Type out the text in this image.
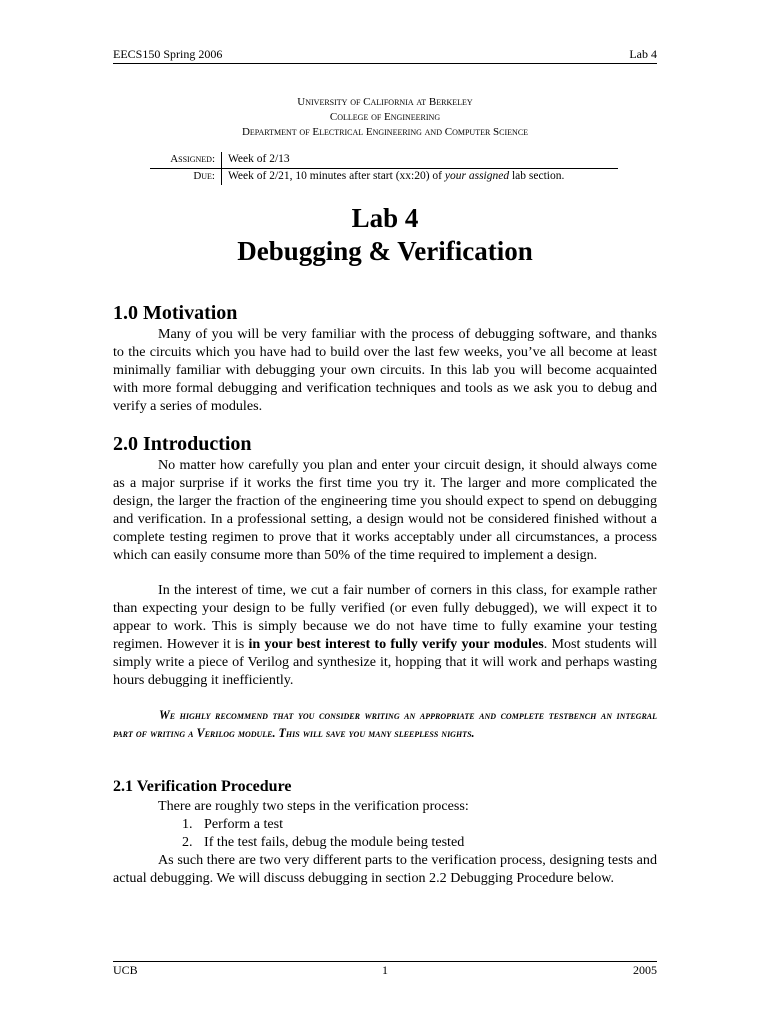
EECS150 Spring 2006	Lab 4
University of California at Berkeley
College of Engineering
Department of Electrical Engineering and Computer Science
Assigned: Week of 2/13
Due: Week of 2/21, 10 minutes after start (xx:20) of your assigned lab section.
Lab 4
Debugging & Verification
1.0 Motivation
Many of you will be very familiar with the process of debugging software, and thanks to the circuits which you have had to build over the last few weeks, you’ve all become at least minimally familiar with debugging your own circuits. In this lab you will become acquainted with more formal debugging and verification techniques and tools as we ask you to debug and verify a series of modules.
2.0 Introduction
No matter how carefully you plan and enter your circuit design, it should always come as a major surprise if it works the first time you try it. The larger and more complicated the design, the larger the fraction of the engineering time you should expect to spend on debugging and verification. In a professional setting, a design would not be considered finished without a complete testing regimen to prove that it works acceptably under all circumstances, a process which can easily consume more than 50% of the time required to implement a design.
In the interest of time, we cut a fair number of corners in this class, for example rather than expecting your design to be fully verified (or even fully debugged), we will expect it to appear to work. This is simply because we do not have time to fully examine your testing regimen. However it is in your best interest to fully verify your modules. Most students will simply write a piece of Verilog and synthesize it, hopping that it will work and perhaps wasting hours debugging it inefficiently.
We highly recommend that you consider writing an appropriate and complete testbench an integral part of writing a Verilog module. This will save you many sleepless nights.
2.1 Verification Procedure
There are roughly two steps in the verification process:
1. Perform a test
2. If the test fails, debug the module being tested
As such there are two very different parts to the verification process, designing tests and actual debugging. We will discuss debugging in section 2.2 Debugging Procedure below.
UCB	1	2005
